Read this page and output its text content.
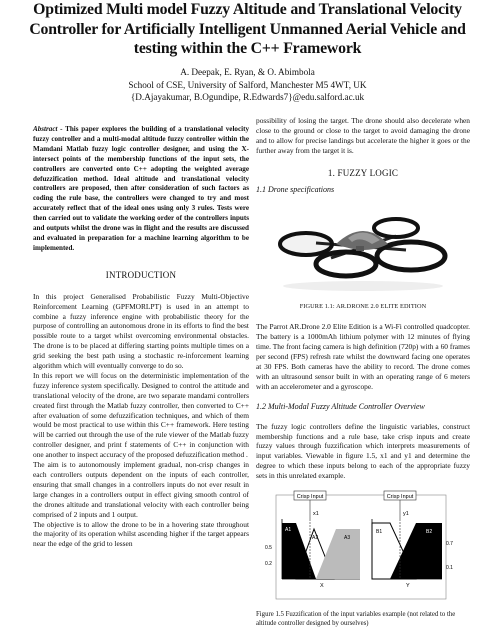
Optimized Multi model Fuzzy Altitude and Translational Velocity Controller for Artificially Intelligent Unmanned Aerial Vehicle and testing within the C++ Framework
A. Deepak, E. Ryan, & O. Abimbola
School of CSE, University of Salford, Manchester M5 4WT, UK
{D.Ajayakumar, B.Ogundipe, R.Edwards7}@edu.salford.ac.uk

Abstract - This paper explores the building of a translational velocity fuzzy controller and a multi-modal altitude fuzzy controller within the Mamdani Matlab fuzzy logic controller designer, and using the X- intersect points of the membership functions of the input sets, the controllers are converted onto C++ adopting the weighted average defuzzification method. Ideal altitude and translational velocity controllers are proposed, then after consideration of such factors as coding the rule base, the controllers were changed to try and most accurately reflect that of the ideal ones using only 3 rules. Tests were then carried out to validate the working order of the controllers inputs and outputs whilst the drone was in flight and the results are discussed and evaluated in preparation for a machine learning algorithm to be implemented.

INTRODUCTION

In this project Generalised Probabilistic Fuzzy Multi-Objective Reinforcement Learning (GPFMORLPT) is used in an attempt to combine a fuzzy inference engine with probabilistic theory for the purpose of controlling an autonomous drone in its efforts to find the best possible route to a target whilst overcoming environmental obstacles. The drone is to be placed at differing starting points multiple times on a grid seeking the best path using a stochastic re-inforcement learning algorithm which will eventually converge to do so.

In this report we will focus on the deterministic implementation of the fuzzy inference system specifically. Designed to control the attitude and translational velocity of the drone, are two separate mandami controllers created first through the Matlab fuzzy controller, then converted to C++ after evaluation of some defuzzification techniques, and which of them would be most practical to use within this C++ framework. Here testing will be carried out through the use of the rule viewer of the Matlab fuzzy controller designer, and print f statements of C++ in conjunction with one another to inspect accuracy of the proposed defuzzification method .

The aim is to autonomously implement gradual, non-crisp changes in each controllers outputs dependent on the inputs of each controller, ensuring that small changes in a controllers inputs do not ever result in large changes in a controllers output in effect giving smooth control of the drones altitude and translational velocity with each controller being comprised of 2 inputs and 1 output.

The objective is to allow the drone to be in a hovering state throughout the majority of its operation whilst ascending higher if the target appears near the edge of the grid to lessen

possibility of losing the target. The drone should also decelerate when close to the ground or close to the target to avoid damaging the drone and to allow for precise landings but accelerate the higher it goes or the further away from the target it is.

1. FUZZY LOGIC
1.1 Drone specifications
FIGURE 1.1: AR.DRONE 2.0 ELITE EDITION

The Parrot AR.Drone 2.0 Elite Edition is a Wi-Fi controlled quadcopter. The battery is a 1000mAh lithium polymer with 12 minutes of flying time. The front facing camera is high definition (720p) with a 60 frames per second (FPS) refresh rate whilst the downward facing one operates at 30 FPS. Both cameras have the ability to record. The drone comes with an ultrasound sensor built in with an operating range of 6 meters with an accelerometer and a gyroscope.

1.2 Multi-Modal Fuzzy Altitude Controller Overview

The fuzzy logic controllers define the linguistic variables, construct membership functions and a rule base, take crisp inputs and create fuzzy values through fuzzification which interprets measurements of input variables. Viewable in figure 1.5, x1 and y1 and determine the degree to which these inputs belong to each of the appropriate fuzzy sets in this unrelated example.

Crisp Input	Crisp Input
x1	y1
A1
A2	A3
0.5
0.2
X
B1	B2
0.1
0.7
Y
Figure 1.5 Fuzzification of the input variables example (not related to the altitude controller designed by ourselves)
